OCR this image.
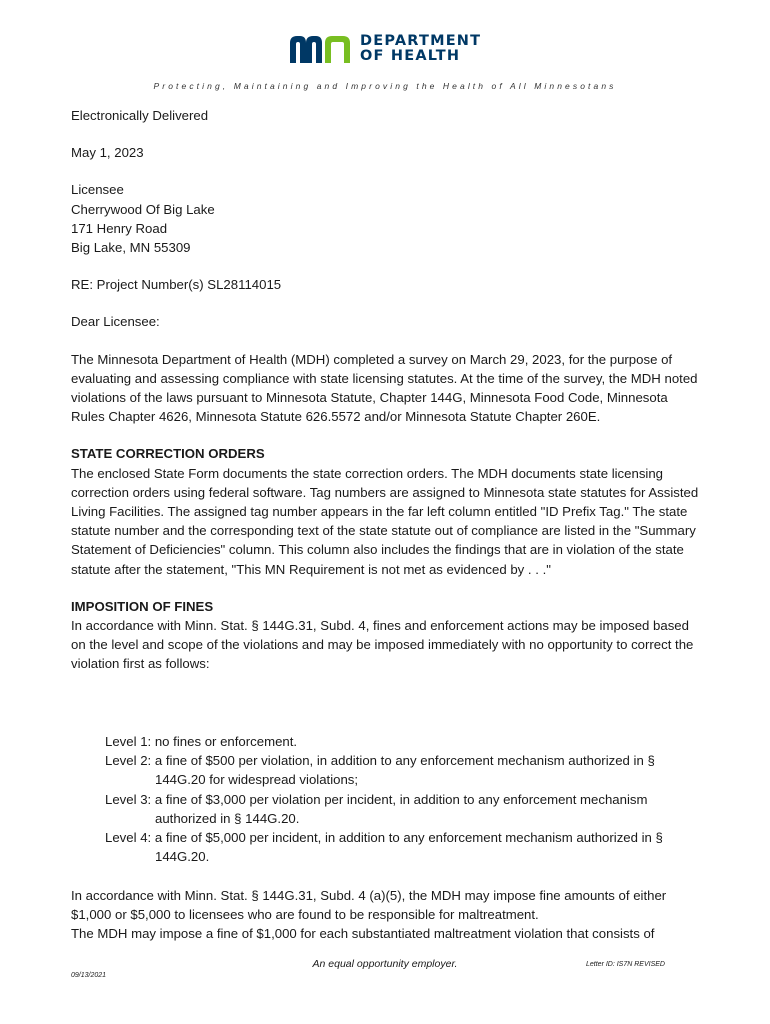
DEPARTMENT
OF HEALTH
Protecting, Maintaining and Improving the Health of All Minnesotans

Electronically Delivered

May 1, 2023

Licensee

Cherrywood Of Big Lake

171 Henry Road

Big Lake, MN 55309

RE: Project Number(s) SL28114015

Dear Licensee:

The Minnesota Department of Health (MDH) completed a survey on March 29, 2023, for the purpose of evaluating and assessing compliance with state licensing statutes. At the time of the survey, the MDH noted violations of the laws pursuant to Minnesota Statute, Chapter 144G, Minnesota Food Code, Minnesota Rules Chapter 4626, Minnesota Statute 626.5572 and/or Minnesota Statute Chapter 260E.

STATE CORRECTION ORDERS

The enclosed State Form documents the state correction orders. The MDH documents state licensing correction orders using federal software. Tag numbers are assigned to Minnesota state statutes for Assisted Living Facilities. The assigned tag number appears in the far left column entitled "ID Prefix Tag." The state statute number and the corresponding text of the state statute out of compliance are listed in the "Summary Statement of Deficiencies" column. This column also includes the findings that are in violation of the state statute after the statement, "This MN Requirement is not met as evidenced by . . ."

IMPOSITION OF FINES

In accordance with Minn. Stat. § 144G.31, Subd. 4, fines and enforcement actions may be imposed based on the level and scope of the violations and may be imposed immediately with no opportunity to correct the violation first as follows:

Level 1: no fines or enforcement.
Level 2: a fine of $500 per violation, in addition to any enforcement mechanism authorized in § 144G.20 for widespread violations;
Level 3: a fine of $3,000 per violation per incident, in addition to any enforcement mechanism authorized in § 144G.20.
Level 4: a fine of $5,000 per incident, in addition to any enforcement mechanism authorized in § 144G.20.

In accordance with Minn. Stat. § 144G.31, Subd. 4 (a)(5), the MDH may impose fine amounts of either $1,000 or $5,000 to licensees who are found to be responsible for maltreatment.

The MDH may impose a fine of $1,000 for each substantiated maltreatment violation that consists of

An equal opportunity employer.	Letter ID: IS7N REVISED
09/13/2021
